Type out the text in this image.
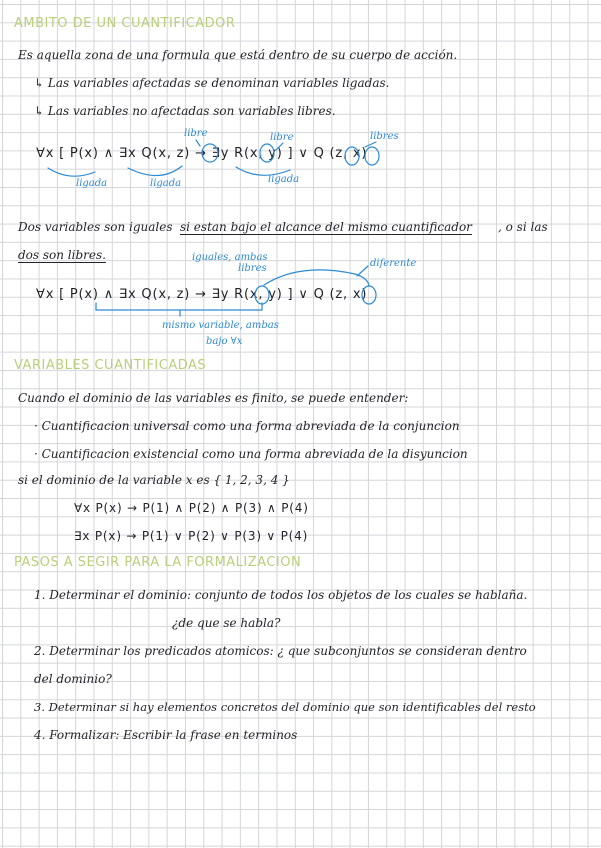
AMBITO DE UN CUANTIFICADOR
Es aquella zona de una formula que está dentro de su cuerpo de acción.
↳ Las variables afectadas se denominan variables ligadas.
↳ Las variables no afectadas son variables libres.
libre	libre	libres
∀x [ P(x) ∧ ∃x Q(x, z) → ∃y R(x, y) ] ∨ Q (z, x)
ligada	ligada	ligada
Dos variables son iguales si estan bajo el alcance del mismo cuantificador , o si las
dos son libres.	iguales, ambas
libres	diferente
∀x [ P(x) ∧ ∃x Q(x, z) → ∃y R(x, y) ] ∨ Q (z, x)
mismo variable, ambas
bajo ∀x
VARIABLES CUANTIFICADAS
Cuando el dominio de las variables es finito, se puede entender:
· Cuantificacion universal como una forma abreviada de la conjuncion
· Cuantificacion existencial como una forma abreviada de la disyuncion
si el dominio de la variable x es { 1, 2, 3, 4 }
∀x P(x) → P(1) ∧ P(2) ∧ P(3) ∧ P(4)
∃x P(x) → P(1) ∨ P(2) ∨ P(3) ∨ P(4)
PASOS A SEGIR PARA LA FORMALIZACION
1. Determinar el dominio: conjunto de todos los objetos de los cuales se hablaña.
¿de que se habla?
2. Determinar los predicados atomicos: ¿ que subconjuntos se consideran dentro
del dominio?
3. Determinar si hay elementos concretos del dominio que son identificables del resto
4. Formalizar: Escribir la frase en terminos
